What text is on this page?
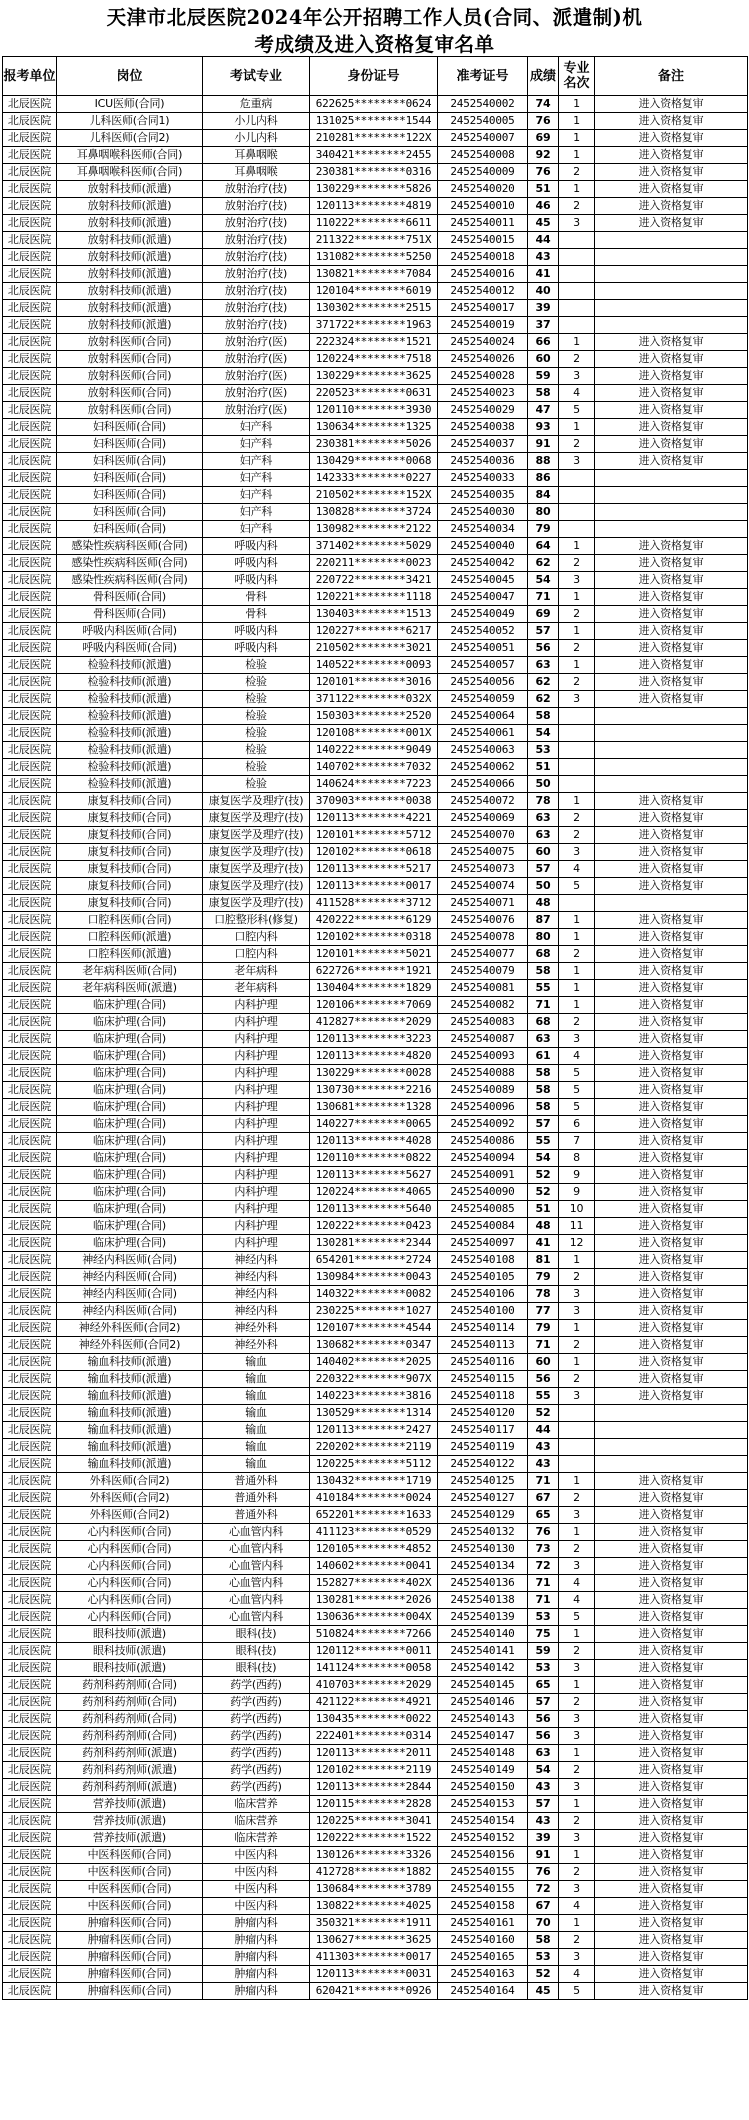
天津市北辰医院2024年公开招聘工作人员(合同、派遣制)机
考成绩及进入资格复审名单
报考单位	岗位	考试专业	身份证号	准考证号	成绩	专业名次	备注
北辰医院	ICU医师(合同)	危重病	622625********0624	2452540002	74	1	进入资格复审
北辰医院	儿科医师(合同1)	小儿内科	131025********1544	2452540005	76	1	进入资格复审
北辰医院	儿科医师(合同2)	小儿内科	210281********122X	2452540007	69	1	进入资格复审
北辰医院	耳鼻咽喉科医师(合同)	耳鼻咽喉	340421********2455	2452540008	92	1	进入资格复审
北辰医院	耳鼻咽喉科医师(合同)	耳鼻咽喉	230381********0316	2452540009	76	2	进入资格复审
北辰医院	放射科技师(派遣)	放射治疗(技)	130229********5826	2452540020	51	1	进入资格复审
北辰医院	放射科技师(派遣)	放射治疗(技)	120113********4819	2452540010	46	2	进入资格复审
北辰医院	放射科技师(派遣)	放射治疗(技)	110222********6611	2452540011	45	3	进入资格复审
北辰医院	放射科技师(派遣)	放射治疗(技)	211322********751X	2452540015	44		
北辰医院	放射科技师(派遣)	放射治疗(技)	131082********5250	2452540018	43		
北辰医院	放射科技师(派遣)	放射治疗(技)	130821********7084	2452540016	41		
北辰医院	放射科技师(派遣)	放射治疗(技)	120104********6019	2452540012	40		
北辰医院	放射科技师(派遣)	放射治疗(技)	130302********2515	2452540017	39		
北辰医院	放射科技师(派遣)	放射治疗(技)	371722********1963	2452540019	37		
北辰医院	放射科医师(合同)	放射治疗(医)	222324********1521	2452540024	66	1	进入资格复审
北辰医院	放射科医师(合同)	放射治疗(医)	120224********7518	2452540026	60	2	进入资格复审
北辰医院	放射科医师(合同)	放射治疗(医)	130229********3625	2452540028	59	3	进入资格复审
北辰医院	放射科医师(合同)	放射治疗(医)	220523********0631	2452540023	58	4	进入资格复审
北辰医院	放射科医师(合同)	放射治疗(医)	120110********3930	2452540029	47	5	进入资格复审
北辰医院	妇科医师(合同)	妇产科	130634********1325	2452540038	93	1	进入资格复审
北辰医院	妇科医师(合同)	妇产科	230381********5026	2452540037	91	2	进入资格复审
北辰医院	妇科医师(合同)	妇产科	130429********0068	2452540036	88	3	进入资格复审
北辰医院	妇科医师(合同)	妇产科	142333********0227	2452540033	86		
北辰医院	妇科医师(合同)	妇产科	210502********152X	2452540035	84		
北辰医院	妇科医师(合同)	妇产科	130828********3724	2452540030	80		
北辰医院	妇科医师(合同)	妇产科	130982********2122	2452540034	79		
北辰医院	感染性疾病科医师(合同)	呼吸内科	371402********5029	2452540040	64	1	进入资格复审
北辰医院	感染性疾病科医师(合同)	呼吸内科	220211********0023	2452540042	62	2	进入资格复审
北辰医院	感染性疾病科医师(合同)	呼吸内科	220722********3421	2452540045	54	3	进入资格复审
北辰医院	骨科医师(合同)	骨科	120221********1118	2452540047	71	1	进入资格复审
北辰医院	骨科医师(合同)	骨科	130403********1513	2452540049	69	2	进入资格复审
北辰医院	呼吸内科医师(合同)	呼吸内科	120227********6217	2452540052	57	1	进入资格复审
北辰医院	呼吸内科医师(合同)	呼吸内科	210502********3021	2452540051	56	2	进入资格复审
北辰医院	检验科技师(派遣)	检验	140522********0093	2452540057	63	1	进入资格复审
北辰医院	检验科技师(派遣)	检验	120101********3016	2452540056	62	2	进入资格复审
北辰医院	检验科技师(派遣)	检验	371122********032X	2452540059	62	3	进入资格复审
北辰医院	检验科技师(派遣)	检验	150303********2520	2452540064	58		
北辰医院	检验科技师(派遣)	检验	120108********001X	2452540061	54		
北辰医院	检验科技师(派遣)	检验	140222********9049	2452540063	53		
北辰医院	检验科技师(派遣)	检验	140702********7032	2452540062	51		
北辰医院	检验科技师(派遣)	检验	140624********7223	2452540066	50		
北辰医院	康复科技师(合同)	康复医学及理疗(技)	370903********0038	2452540072	78	1	进入资格复审
北辰医院	康复科技师(合同)	康复医学及理疗(技)	120113********4221	2452540069	63	2	进入资格复审
北辰医院	康复科技师(合同)	康复医学及理疗(技)	120101********5712	2452540070	63	2	进入资格复审
北辰医院	康复科技师(合同)	康复医学及理疗(技)	120102********0618	2452540075	60	3	进入资格复审
北辰医院	康复科技师(合同)	康复医学及理疗(技)	120113********5217	2452540073	57	4	进入资格复审
北辰医院	康复科技师(合同)	康复医学及理疗(技)	120113********0017	2452540074	50	5	进入资格复审
北辰医院	康复科技师(合同)	康复医学及理疗(技)	411528********3712	2452540071	48		
北辰医院	口腔科医师(合同)	口腔整形科(修复)	420222********6129	2452540076	87	1	进入资格复审
北辰医院	口腔科医师(派遣)	口腔内科	120102********0318	2452540078	80	1	进入资格复审
北辰医院	口腔科医师(派遣)	口腔内科	120101********5021	2452540077	68	2	进入资格复审
北辰医院	老年病科医师(合同)	老年病科	622726********1921	2452540079	58	1	进入资格复审
北辰医院	老年病科医师(派遣)	老年病科	130404********1829	2452540081	55	1	进入资格复审
北辰医院	临床护理(合同)	内科护理	120106********7069	2452540082	71	1	进入资格复审
北辰医院	临床护理(合同)	内科护理	412827********2029	2452540083	68	2	进入资格复审
北辰医院	临床护理(合同)	内科护理	120113********3223	2452540087	63	3	进入资格复审
北辰医院	临床护理(合同)	内科护理	120113********4820	2452540093	61	4	进入资格复审
北辰医院	临床护理(合同)	内科护理	130229********0028	2452540088	58	5	进入资格复审
北辰医院	临床护理(合同)	内科护理	130730********2216	2452540089	58	5	进入资格复审
北辰医院	临床护理(合同)	内科护理	130681********1328	2452540096	58	5	进入资格复审
北辰医院	临床护理(合同)	内科护理	140227********0065	2452540092	57	6	进入资格复审
北辰医院	临床护理(合同)	内科护理	120113********4028	2452540086	55	7	进入资格复审
北辰医院	临床护理(合同)	内科护理	120110********0822	2452540094	54	8	进入资格复审
北辰医院	临床护理(合同)	内科护理	120113********5627	2452540091	52	9	进入资格复审
北辰医院	临床护理(合同)	内科护理	120224********4065	2452540090	52	9	进入资格复审
北辰医院	临床护理(合同)	内科护理	120113********5640	2452540085	51	10	进入资格复审
北辰医院	临床护理(合同)	内科护理	120222********0423	2452540084	48	11	进入资格复审
北辰医院	临床护理(合同)	内科护理	130281********2344	2452540097	41	12	进入资格复审
北辰医院	神经内科医师(合同)	神经内科	654201********2724	2452540108	81	1	进入资格复审
北辰医院	神经内科医师(合同)	神经内科	130984********0043	2452540105	79	2	进入资格复审
北辰医院	神经内科医师(合同)	神经内科	140322********0082	2452540106	78	3	进入资格复审
北辰医院	神经内科医师(合同)	神经内科	230225********1027	2452540100	77	3	进入资格复审
北辰医院	神经外科医师(合同2)	神经外科	120107********4544	2452540114	79	1	进入资格复审
北辰医院	神经外科医师(合同2)	神经外科	130682********0347	2452540113	71	2	进入资格复审
北辰医院	输血科技师(派遣)	输血	140402********2025	2452540116	60	1	进入资格复审
北辰医院	输血科技师(派遣)	输血	220322********907X	2452540115	56	2	进入资格复审
北辰医院	输血科技师(派遣)	输血	140223********3816	2452540118	55	3	进入资格复审
北辰医院	输血科技师(派遣)	输血	130529********1314	2452540120	52		
北辰医院	输血科技师(派遣)	输血	120113********2427	2452540117	44		
北辰医院	输血科技师(派遣)	输血	220202********2119	2452540119	43		
北辰医院	输血科技师(派遣)	输血	120225********5112	2452540122	43		
北辰医院	外科医师(合同2)	普通外科	130432********1719	2452540125	71	1	进入资格复审
北辰医院	外科医师(合同2)	普通外科	410184********0024	2452540127	67	2	进入资格复审
北辰医院	外科医师(合同2)	普通外科	652201********1633	2452540129	65	3	进入资格复审
北辰医院	心内科医师(合同)	心血管内科	411123********0529	2452540132	76	1	进入资格复审
北辰医院	心内科医师(合同)	心血管内科	120105********4852	2452540130	73	2	进入资格复审
北辰医院	心内科医师(合同)	心血管内科	140602********0041	2452540134	72	3	进入资格复审
北辰医院	心内科医师(合同)	心血管内科	152827********402X	2452540136	71	4	进入资格复审
北辰医院	心内科医师(合同)	心血管内科	130281********2026	2452540138	71	4	进入资格复审
北辰医院	心内科医师(合同)	心血管内科	130636********004X	2452540139	53	5	进入资格复审
北辰医院	眼科技师(派遣)	眼科(技)	510824********7266	2452540140	75	1	进入资格复审
北辰医院	眼科技师(派遣)	眼科(技)	120112********0011	2452540141	59	2	进入资格复审
北辰医院	眼科技师(派遣)	眼科(技)	141124********0058	2452540142	53	3	进入资格复审
北辰医院	药剂科药剂师(合同)	药学(西药)	410703********2029	2452540145	65	1	进入资格复审
北辰医院	药剂科药剂师(合同)	药学(西药)	421122********4921	2452540146	57	2	进入资格复审
北辰医院	药剂科药剂师(合同)	药学(西药)	130435********0022	2452540143	56	3	进入资格复审
北辰医院	药剂科药剂师(合同)	药学(西药)	222401********0314	2452540147	56	3	进入资格复审
北辰医院	药剂科药剂师(派遣)	药学(西药)	120113********2011	2452540148	63	1	进入资格复审
北辰医院	药剂科药剂师(派遣)	药学(西药)	120102********2119	2452540149	54	2	进入资格复审
北辰医院	药剂科药剂师(派遣)	药学(西药)	120113********2844	2452540150	43	3	进入资格复审
北辰医院	营养技师(派遣)	临床营养	120115********2828	2452540153	57	1	进入资格复审
北辰医院	营养技师(派遣)	临床营养	120225********3041	2452540154	43	2	进入资格复审
北辰医院	营养技师(派遣)	临床营养	120222********1522	2452540152	39	3	进入资格复审
北辰医院	中医科医师(合同)	中医内科	130126********3326	2452540156	91	1	进入资格复审
北辰医院	中医科医师(合同)	中医内科	412728********1882	2452540155	76	2	进入资格复审
北辰医院	中医科医师(合同)	中医内科	130684********3789	2452540155	72	3	进入资格复审
北辰医院	中医科医师(合同)	中医内科	130822********4025	2452540158	67	4	进入资格复审
北辰医院	肿瘤科医师(合同)	肿瘤内科	350321********1911	2452540161	70	1	进入资格复审
北辰医院	肿瘤科医师(合同)	肿瘤内科	130627********3625	2452540160	58	2	进入资格复审
北辰医院	肿瘤科医师(合同)	肿瘤内科	411303********0017	2452540165	53	3	进入资格复审
北辰医院	肿瘤科医师(合同)	肿瘤内科	120113********0031	2452540163	52	4	进入资格复审
北辰医院	肿瘤科医师(合同)	肿瘤内科	620421********0926	2452540164	45	5	进入资格复审
